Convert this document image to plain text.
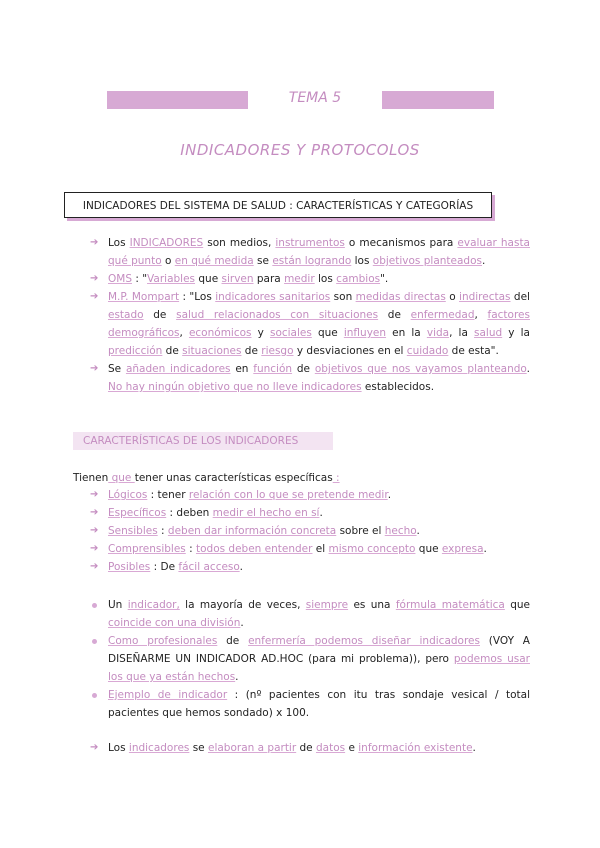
TEMA 5
INDICADORES Y PROTOCOLOS
INDICADORES DEL SISTEMA DE SALUD : CARACTERÍSTICAS Y CATEGORÍAS
➔ Los INDICADORES son medios, instrumentos o mecanismos para evaluar hasta qué punto o en qué medida se están logrando los objetivos planteados.
➔ OMS : "Variables que sirven para medir los cambios".
➔ M.P. Mompart : "Los indicadores sanitarios son medidas directas o indirectas del estado de salud relacionados con situaciones de enfermedad, factores demográficos, económicos y sociales que influyen en la vida, la salud y la predicción de situaciones de riesgo y desviaciones en el cuidado de esta".
➔ Se añaden indicadores en función de objetivos que nos vayamos planteando. No hay ningún objetivo que no lleve indicadores establecidos.
CARACTERÍSTICAS DE LOS INDICADORES
Tienen que tener unas características específicas :
➔ Lógicos : tener relación con lo que se pretende medir.
➔ Específicos : deben medir el hecho en sí.
➔ Sensibles : deben dar información concreta sobre el hecho.
➔ Comprensibles : todos deben entender el mismo concepto que expresa.
➔ Posibles : De fácil acceso.
Un indicador, la mayoría de veces, siempre es una fórmula matemática que coincide con una división.
Como profesionales de enfermería podemos diseñar indicadores (VOY A DISEÑARME UN INDICADOR AD.HOC (para mi problema)), pero podemos usar los que ya están hechos.
Ejemplo de indicador : (nº pacientes con itu tras sondaje vesical / total pacientes que hemos sondado) x 100.
➔ Los indicadores se elaboran a partir de datos e información existente.
